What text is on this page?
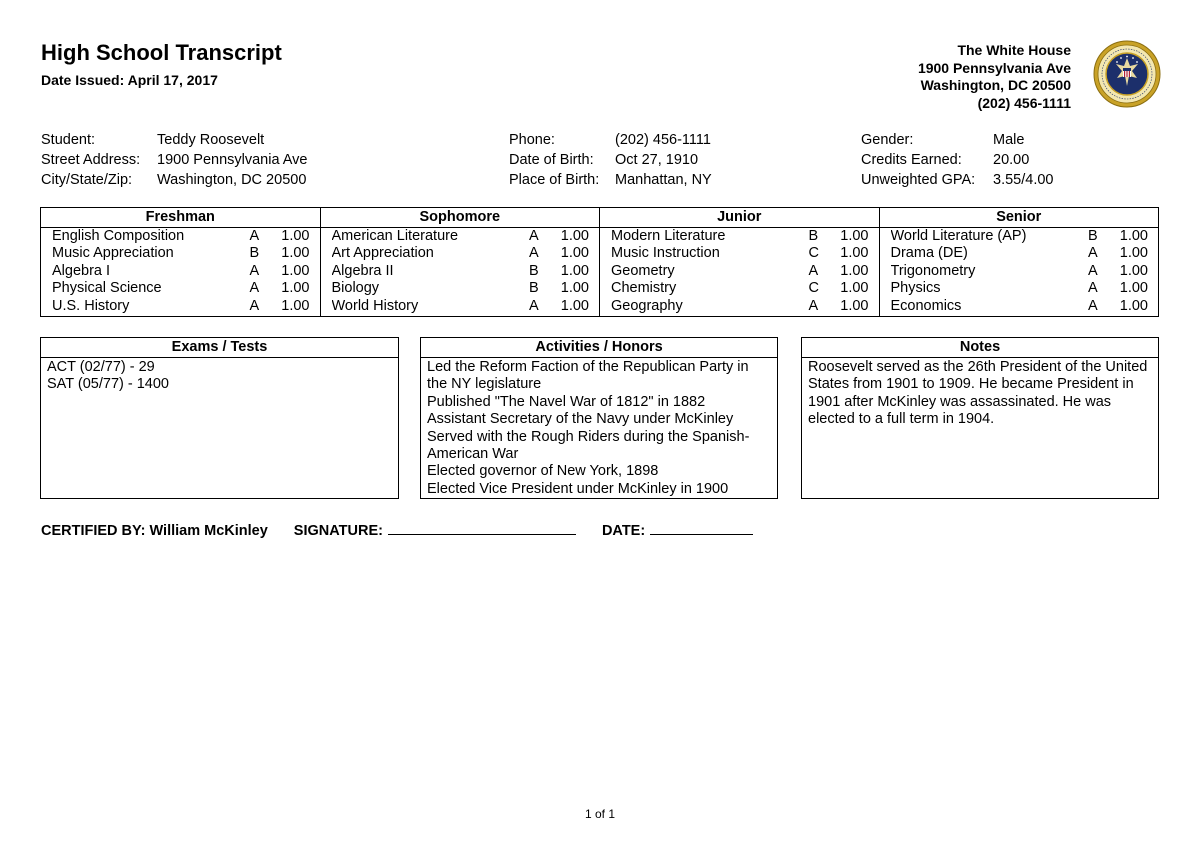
High School Transcript
Date Issued: April 17, 2017
The White House
1900 Pennsylvania Ave
Washington, DC 20500
(202) 456-1111
Student:	Teddy Roosevelt
Street Address:	1900 Pennsylvania Ave
City/State/Zip:	Washington, DC 20500
Phone:	(202) 456-1111
Date of Birth:	Oct 27, 1910
Place of Birth:	Manhattan, NY
Gender:	Male
Credits Earned:	20.00
Unweighted GPA:	3.55/4.00
Freshman
English Composition	A	1.00
Music Appreciation	B	1.00
Algebra I	A	1.00
Physical Science	A	1.00
U.S. History	A	1.00
Sophomore
American Literature	A	1.00
Art Appreciation	A	1.00
Algebra II	B	1.00
Biology	B	1.00
World History	A	1.00
Junior
Modern Literature	B	1.00
Music Instruction	C	1.00
Geometry	A	1.00
Chemistry	C	1.00
Geography	A	1.00
Senior
World Literature (AP)	B	1.00
Drama (DE)	A	1.00
Trigonometry	A	1.00
Physics	A	1.00
Economics	A	1.00
Exams / Tests
ACT (02/77) - 29
SAT (05/77) - 1400
Activities / Honors
Led the Reform Faction of the Republican Party in the NY legislature
Published "The Navel War of 1812" in 1882
Assistant Secretary of the Navy under McKinley
Served with the Rough Riders during the Spanish-American War
Elected governor of New York, 1898
Elected Vice President under McKinley in 1900
Notes
Roosevelt served as the 26th President of the United States from 1901 to 1909. He became President in 1901 after McKinley was assassinated. He was elected to a full term in 1904.
CERTIFIED BY: William McKinley SIGNATURE:	DATE:
1 of 1
